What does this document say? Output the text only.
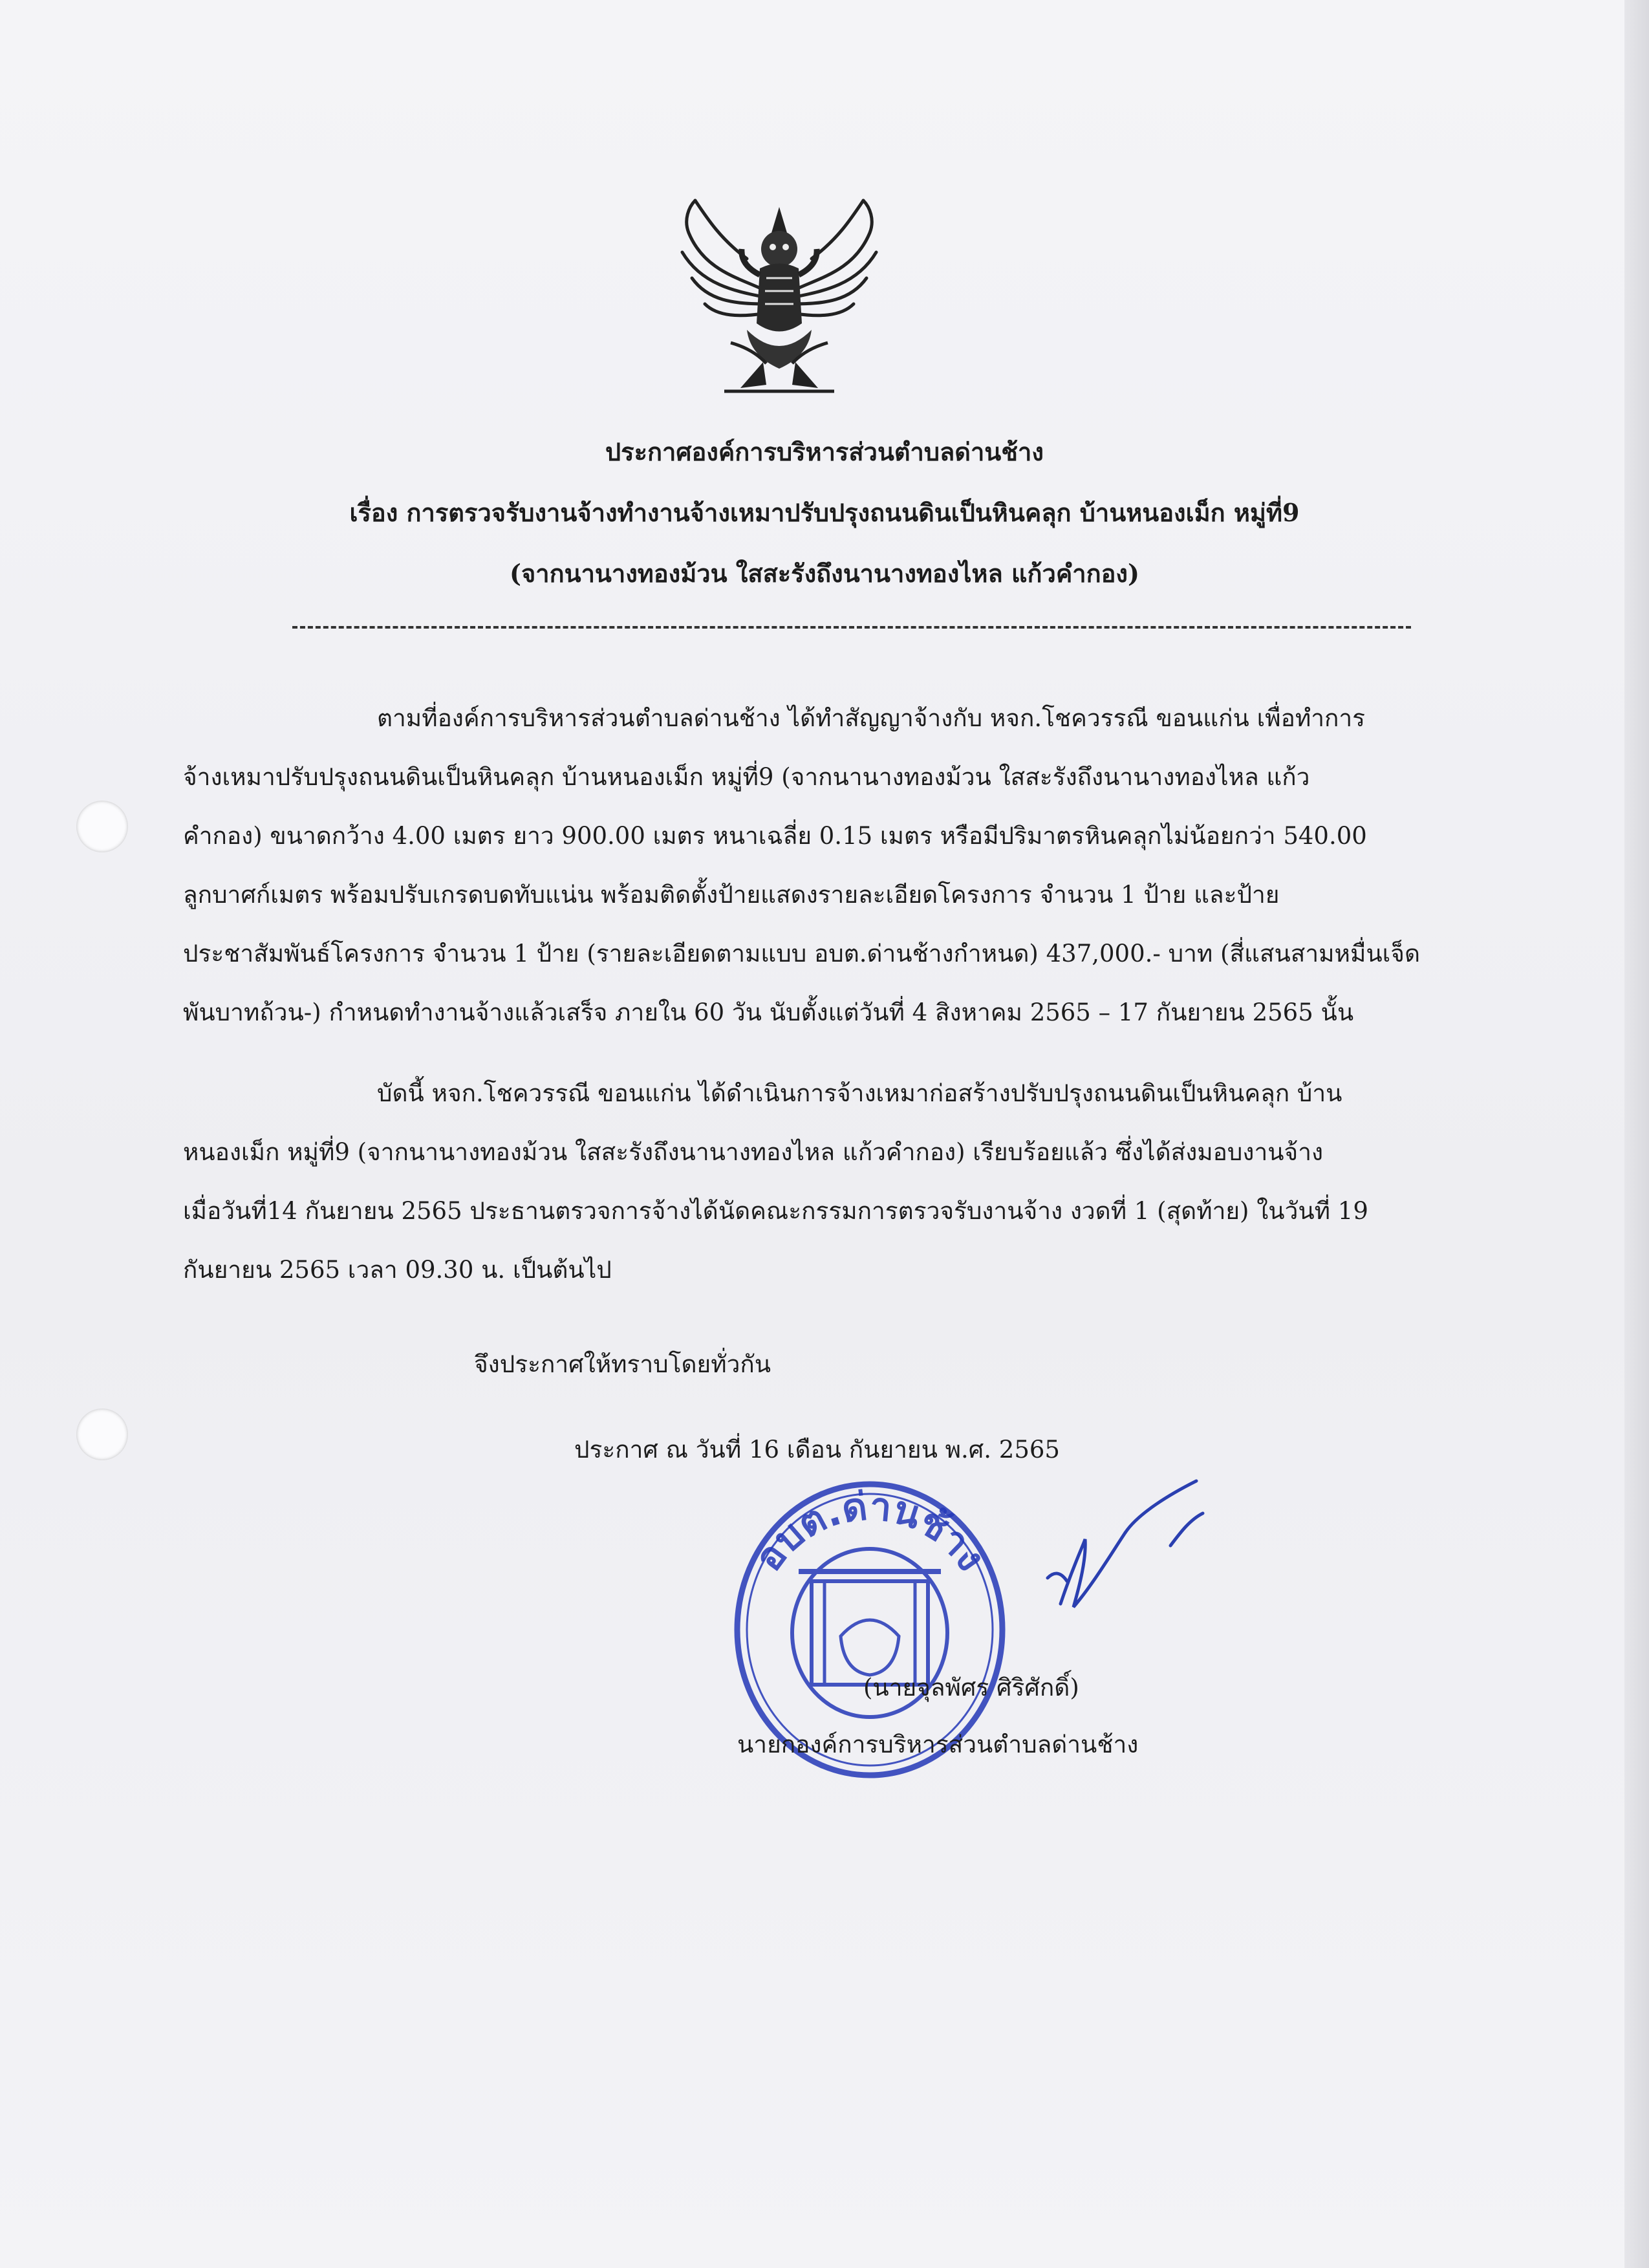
ประกาศองค์การบริหารส่วนตำบลด่านช้าง
เรื่อง การตรวจรับงานจ้างทำงานจ้างเหมาปรับปรุงถนนดินเป็นหินคลุก บ้านหนองเม็ก หมู่ที่9
(จากนานางทองม้วน ใสสะรังถึงนานางทองไหล แก้วคำกอง)
ตามที่องค์การบริหารส่วนตำบลด่านช้าง ได้ทำสัญญาจ้างกับ หจก.โชควรรณี ขอนแก่น เพื่อทำการ
จ้างเหมาปรับปรุงถนนดินเป็นหินคลุก บ้านหนองเม็ก หมู่ที่9 (จากนานางทองม้วน ใสสะรังถึงนานางทองไหล แก้ว
คำกอง) ขนาดกว้าง 4.00 เมตร ยาว 900.00 เมตร หนาเฉลี่ย 0.15 เมตร หรือมีปริมาตรหินคลุกไม่น้อยกว่า 540.00
ลูกบาศก์เมตร พร้อมปรับเกรดบดทับแน่น พร้อมติดตั้งป้ายแสดงรายละเอียดโครงการ จำนวน 1 ป้าย และป้าย
ประชาสัมพันธ์โครงการ จำนวน 1 ป้าย (รายละเอียดตามแบบ อบต.ด่านช้างกำหนด) 437,000.- บาท (สี่แสนสามหมื่นเจ็ด
พันบาทถ้วน-) กำหนดทำงานจ้างแล้วเสร็จ ภายใน 60 วัน นับตั้งแต่วันที่ 4 สิงหาคม 2565 – 17 กันยายน 2565 นั้น
บัดนี้ หจก.โชควรรณี ขอนแก่น ได้ดำเนินการจ้างเหมาก่อสร้างปรับปรุงถนนดินเป็นหินคลุก บ้าน
หนองเม็ก หมู่ที่9 (จากนานางทองม้วน ใสสะรังถึงนานางทองไหล แก้วคำกอง) เรียบร้อยแล้ว ซึ่งได้ส่งมอบงานจ้าง
เมื่อวันที่14 กันยายน 2565 ประธานตรวจการจ้างได้นัดคณะกรรมการตรวจรับงานจ้าง งวดที่ 1 (สุดท้าย) ในวันที่ 19
กันยายน 2565 เวลา 09.30 น. เป็นต้นไป
จึงประกาศให้ทราบโดยทั่วกัน
ประกาศ ณ วันที่ 16 เดือน กันยายน พ.ศ. 2565
อบต.ด่านช้าง
(นายจุลพัศร ศิริศักดิ์)
นายกองค์การบริหารส่วนตำบลด่านช้าง
